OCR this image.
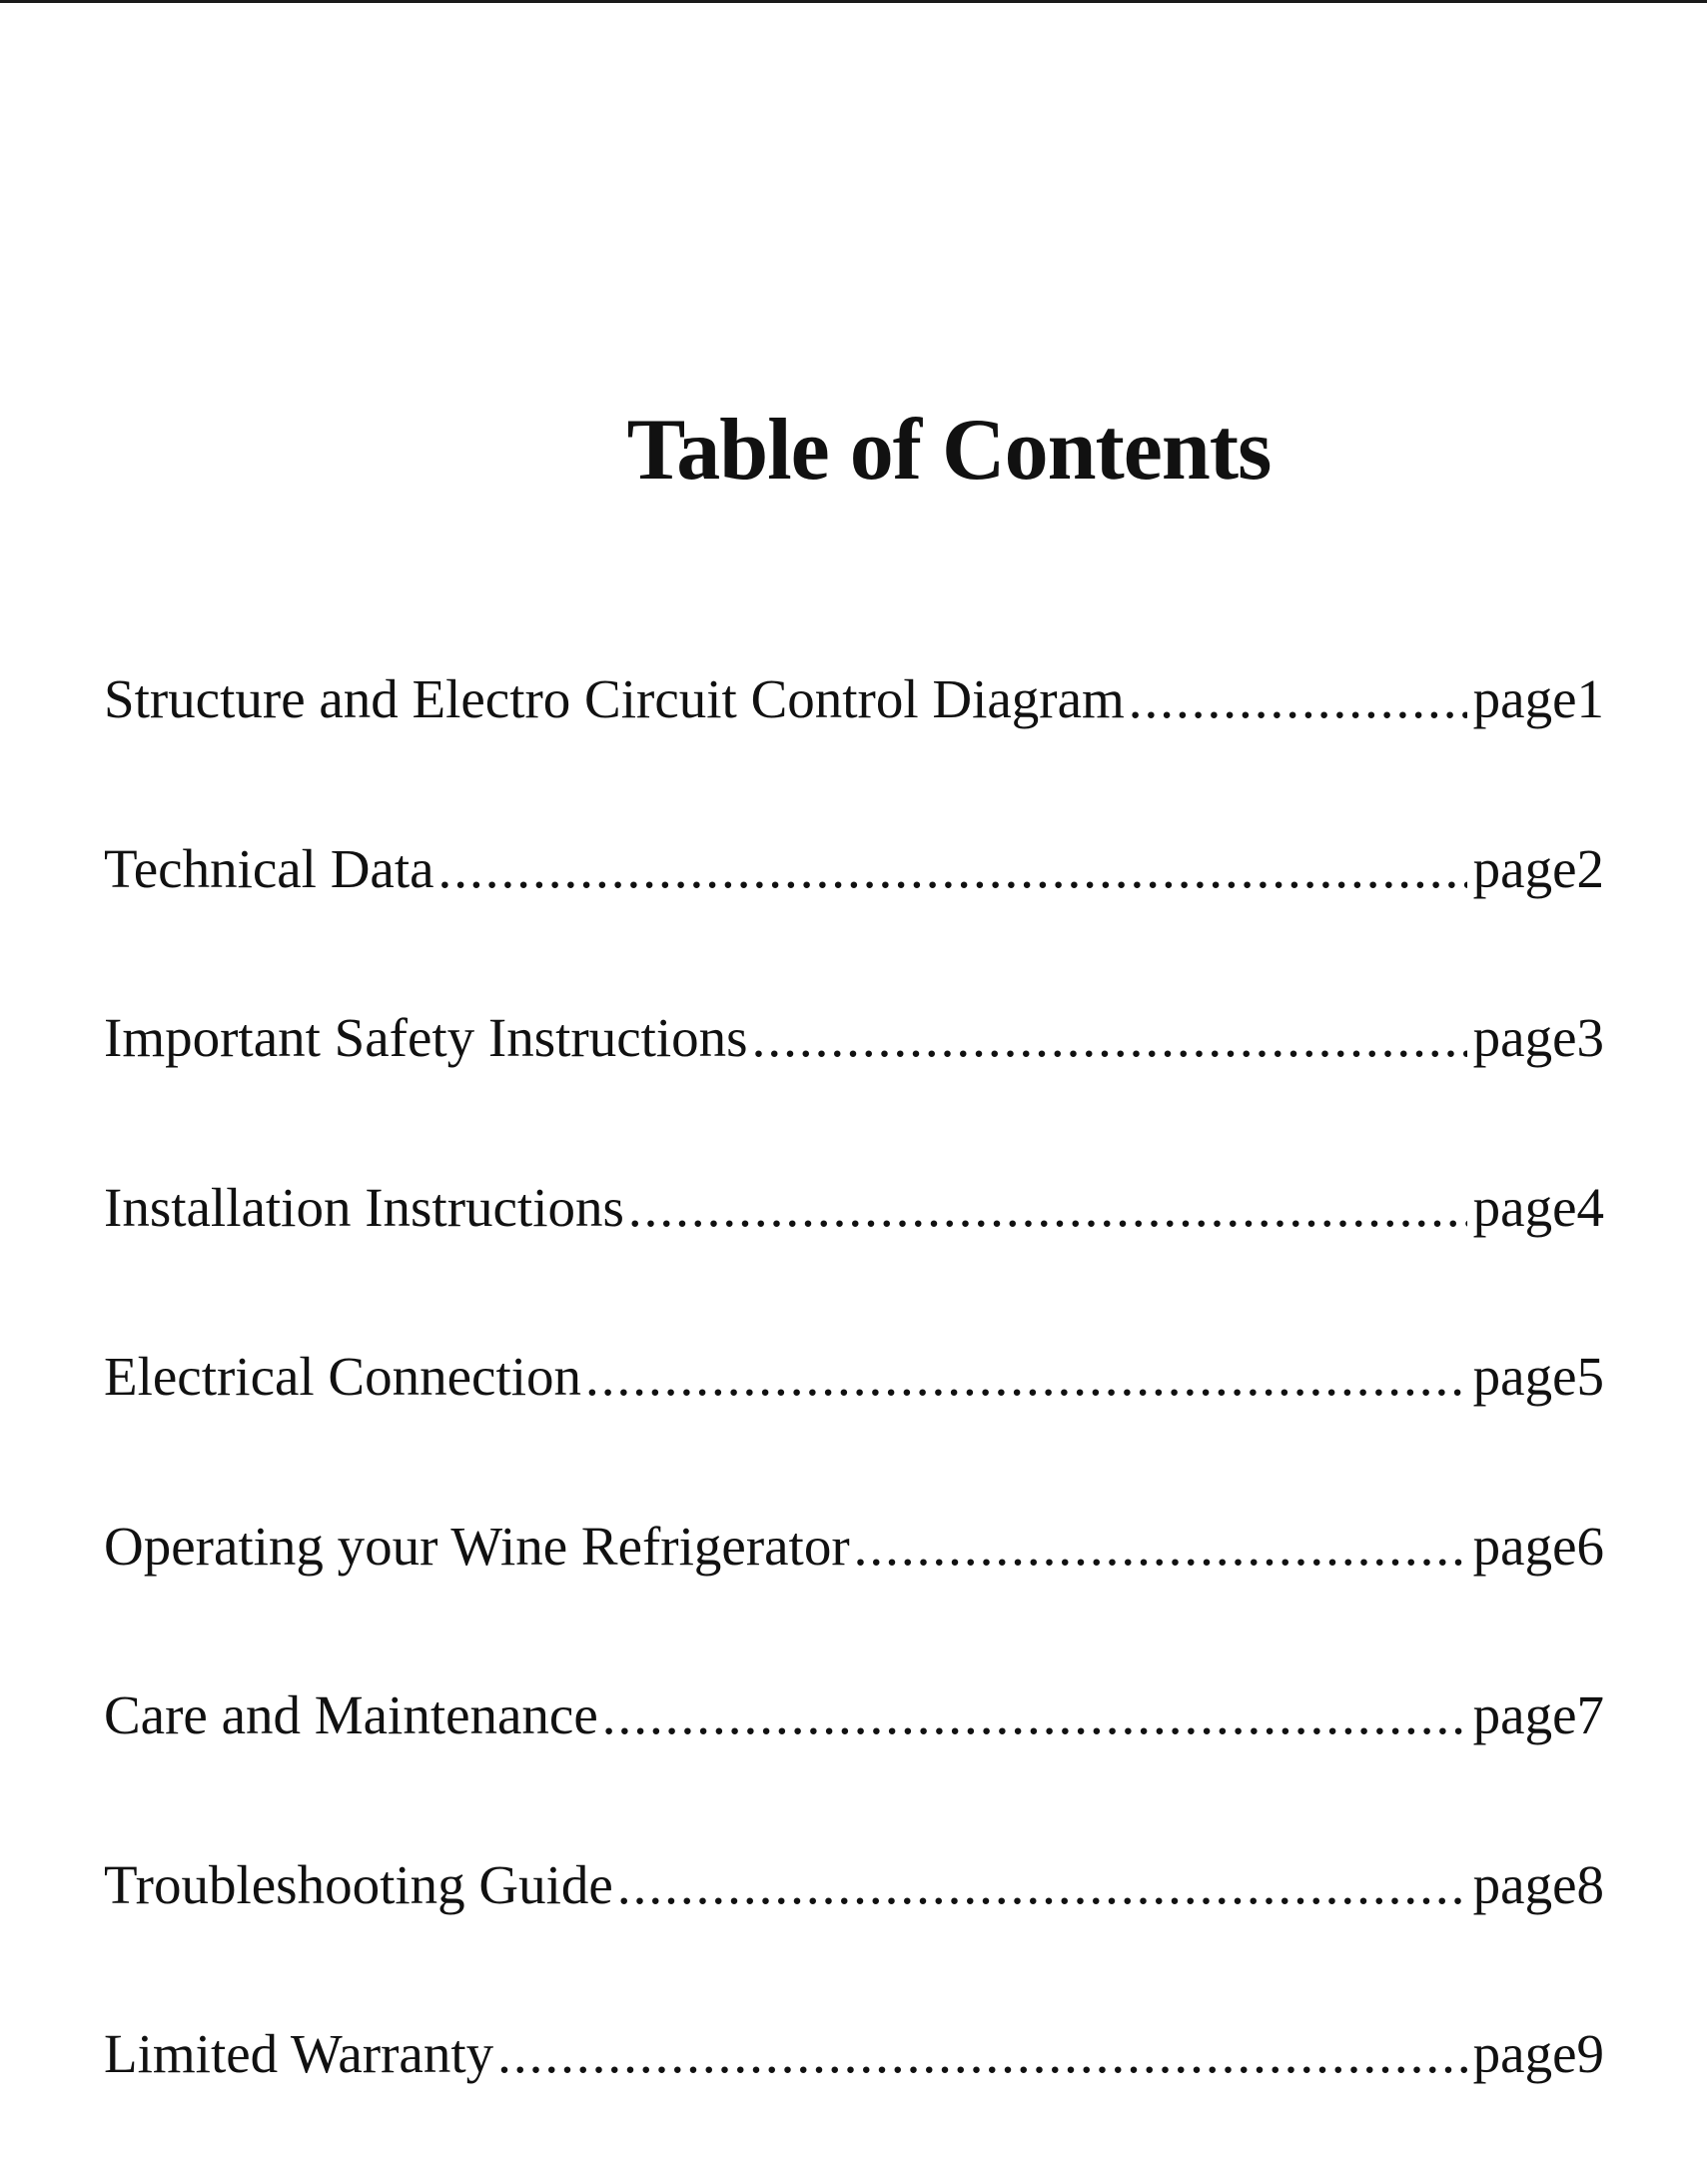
Table of Contents
Structure and Electro Circuit Control Diagram .....	page1
Technical Data .....	page2
Important Safety Instructions .....	page3
Installation Instructions .....	page4
Electrical Connection .....	page5
Operating your Wine Refrigerator .....	page6
Care and Maintenance .....	page7
Troubleshooting Guide .....	page8
Limited Warranty .....	page9
